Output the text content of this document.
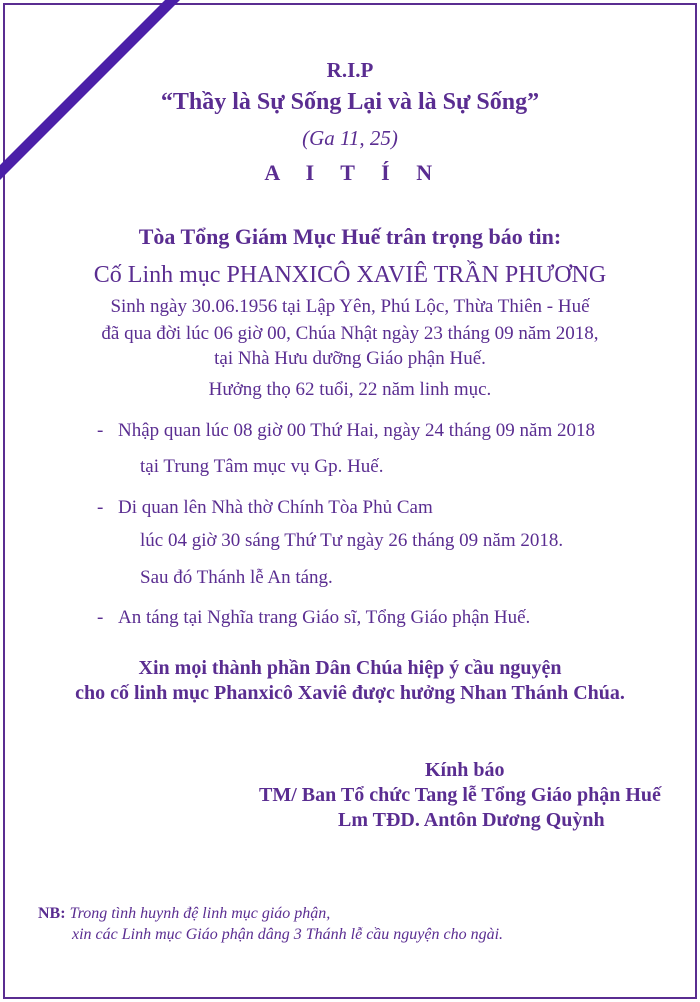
R.I.P
“Thầy là Sự Sống Lại và là Sự Sống”
(Ga 11, 25)
A I T Í N
Tòa Tổng Giám Mục Huế trân trọng báo tin:
Cố Linh mục PHANXICÔ XAVIÊ TRẦN PHƯƠNG
Sinh ngày 30.06.1956 tại Lập Yên, Phú Lộc, Thừa Thiên - Huế
đã qua đời lúc 06 giờ 00, Chúa Nhật ngày 23 tháng 09 năm 2018,
tại Nhà Hưu dưỡng Giáo phận Huế.
Hưởng thọ 62 tuổi, 22 năm linh mục.
- Nhập quan lúc 08 giờ 00 Thứ Hai, ngày 24 tháng 09 năm 2018
tại Trung Tâm mục vụ Gp. Huế.
- Di quan lên Nhà thờ Chính Tòa Phủ Cam
lúc 04 giờ 30 sáng Thứ Tư ngày 26 tháng 09 năm 2018.
Sau đó Thánh lễ An táng.
- An táng tại Nghĩa trang Giáo sĩ, Tổng Giáo phận Huế.
Xin mọi thành phần Dân Chúa hiệp ý cầu nguyện
cho cố linh mục Phanxicô Xaviê được hưởng Nhan Thánh Chúa.
Kính báo
TM/ Ban Tổ chức Tang lễ Tổng Giáo phận Huế
Lm TĐD. Antôn Dương Quỳnh
NB: Trong tình huynh đệ linh mục giáo phận,
xin các Linh mục Giáo phận dâng 3 Thánh lễ cầu nguyện cho ngài.
